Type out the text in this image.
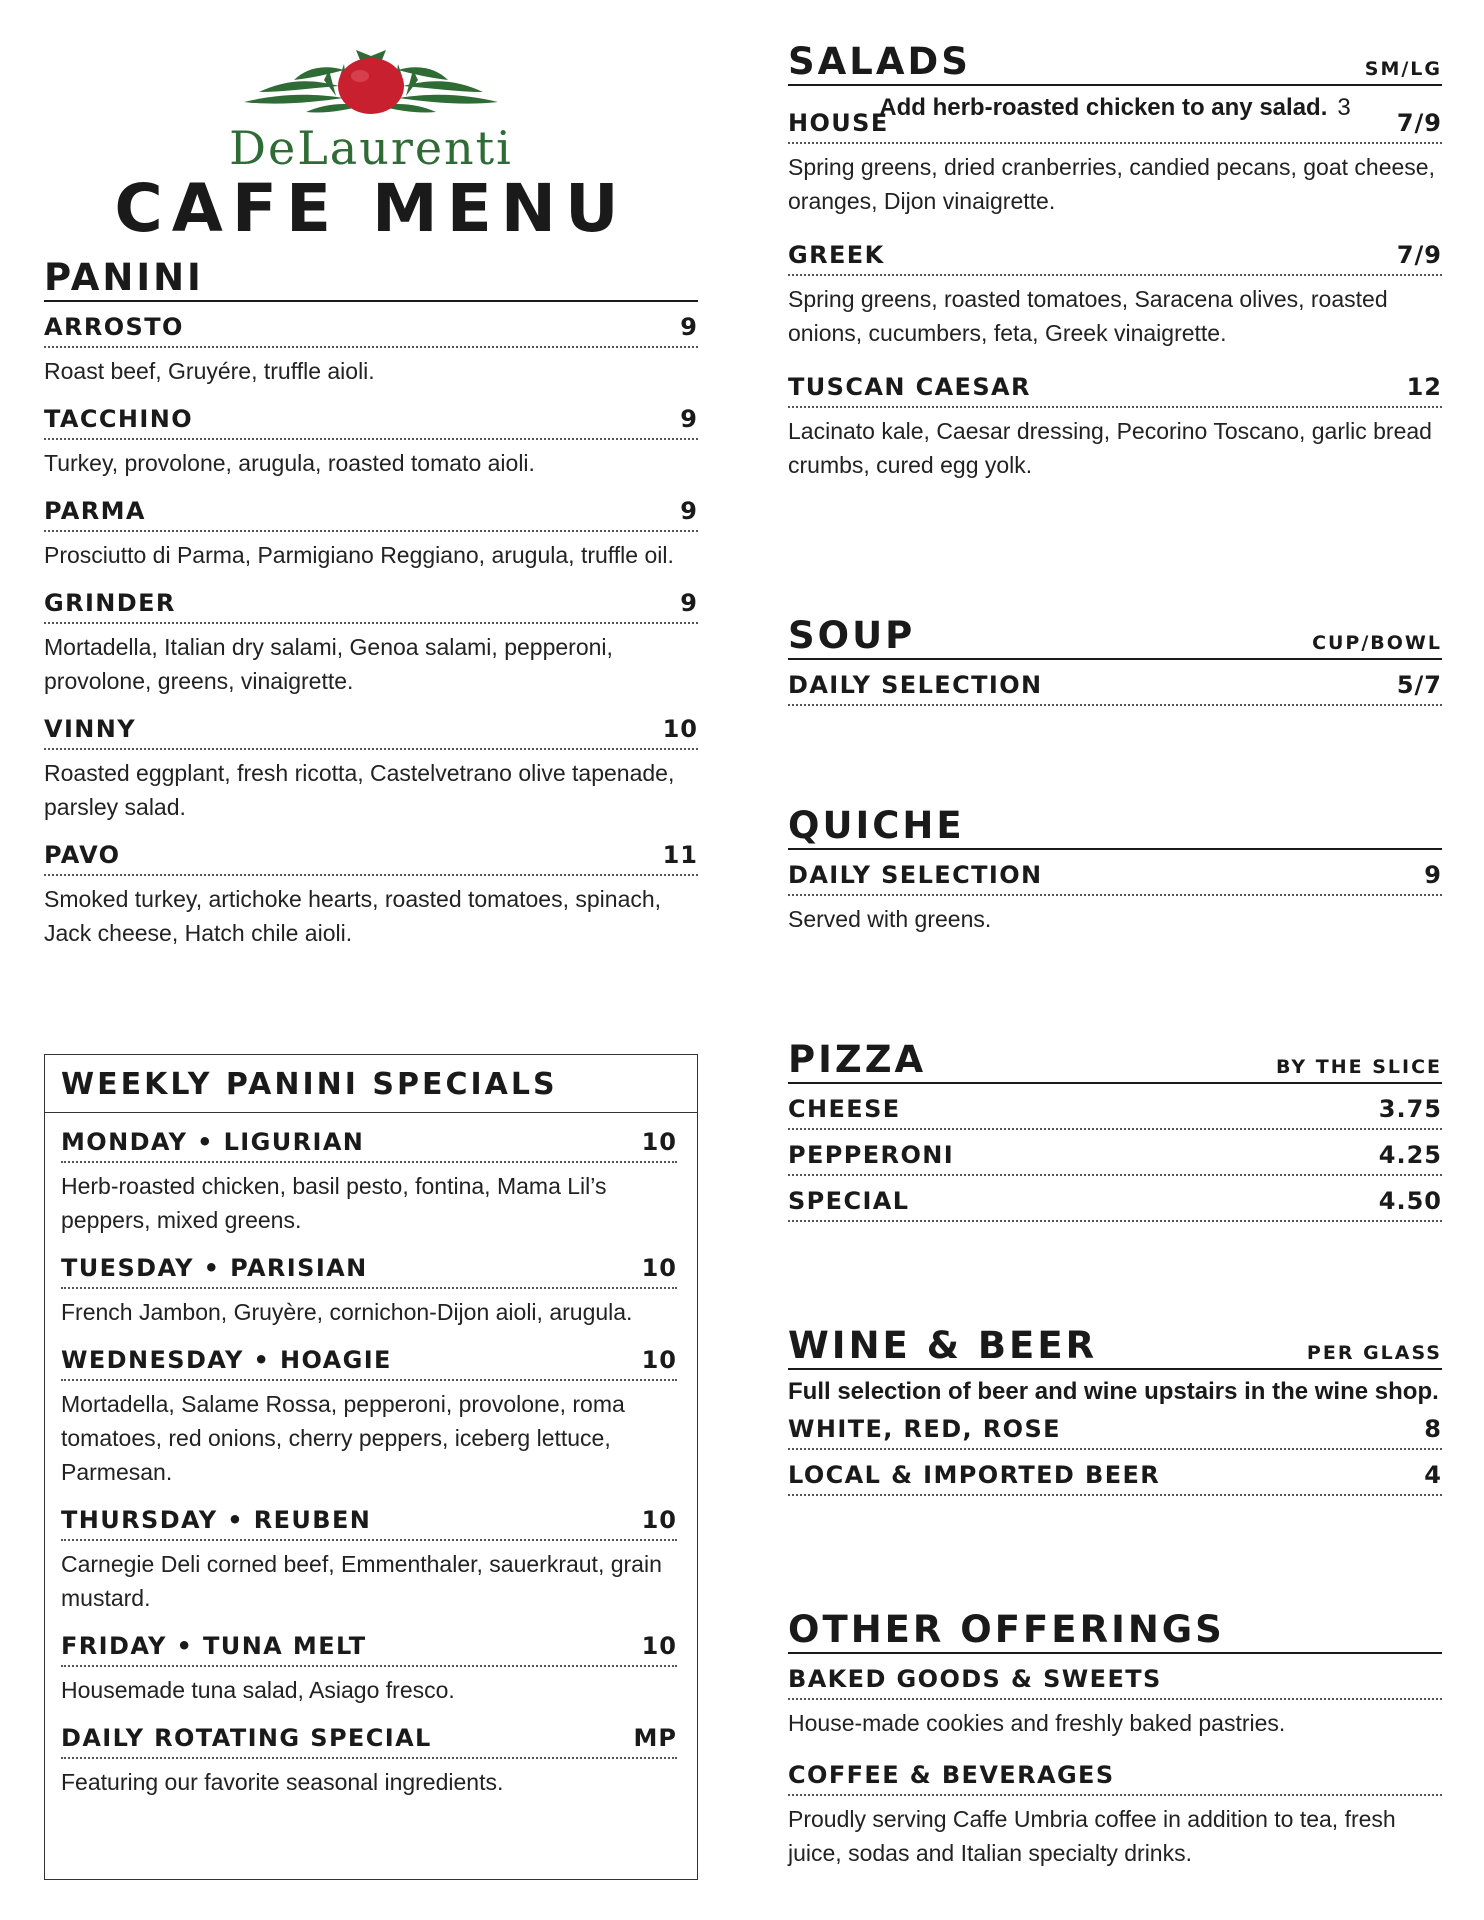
DeLaurenti
CAFE MENU
PANINI
ARROSTO	9
Roast beef, Gruyére, truffle aioli.
TACCHINO	9
Turkey, provolone, arugula, roasted tomato aioli.
PARMA	9
Prosciutto di Parma, Parmigiano Reggiano, arugula, truffle oil.
GRINDER	9
Mortadella, Italian dry salami, Genoa salami, pepperoni, provolone, greens, vinaigrette.
VINNY	10
Roasted eggplant, fresh ricotta, Castelvetrano olive tapenade, parsley salad.
PAVO	11
Smoked turkey, artichoke hearts, roasted tomatoes, spinach, Jack cheese, Hatch chile aioli.
WEEKLY PANINI SPECIALS
MONDAY • LIGURIAN	10
Herb-roasted chicken, basil pesto, fontina, Mama Lil’s peppers, mixed greens.
TUESDAY • PARISIAN	10
French Jambon, Gruyère, cornichon-Dijon aioli, arugula.
WEDNESDAY • HOAGIE	10
Mortadella, Salame Rossa, pepperoni, provolone, roma tomatoes, red onions, cherry peppers, iceberg lettuce, Parmesan.
THURSDAY • REUBEN	10
Carnegie Deli corned beef, Emmenthaler, sauerkraut, grain mustard.
FRIDAY • TUNA MELT	10
Housemade tuna salad, Asiago fresco.
DAILY ROTATING SPECIAL	MP
Featuring our favorite seasonal ingredients.
SALADS	SM/LG
Add herb-roasted chicken to any salad. 3
HOUSE	7/9
Spring greens, dried cranberries, candied pecans, goat cheese, oranges, Dijon vinaigrette.
GREEK	7/9
Spring greens, roasted tomatoes, Saracena olives, roasted onions, cucumbers, feta, Greek vinaigrette.
TUSCAN CAESAR	12
Lacinato kale, Caesar dressing, Pecorino Toscano, garlic bread crumbs, cured egg yolk.
SOUP	CUP/BOWL
DAILY SELECTION	5/7
QUICHE
DAILY SELECTION	9
Served with greens.
PIZZA	BY THE SLICE
CHEESE	3.75
PEPPERONI	4.25
SPECIAL	4.50
WINE & BEER	PER GLASS
Full selection of beer and wine upstairs in the wine shop.
WHITE, RED, ROSE	8
LOCAL & IMPORTED BEER	4
OTHER OFFERINGS
BAKED GOODS & SWEETS
House-made cookies and freshly baked pastries.
COFFEE & BEVERAGES
Proudly serving Caffe Umbria coffee in addition to tea, fresh juice, sodas and Italian specialty drinks.
